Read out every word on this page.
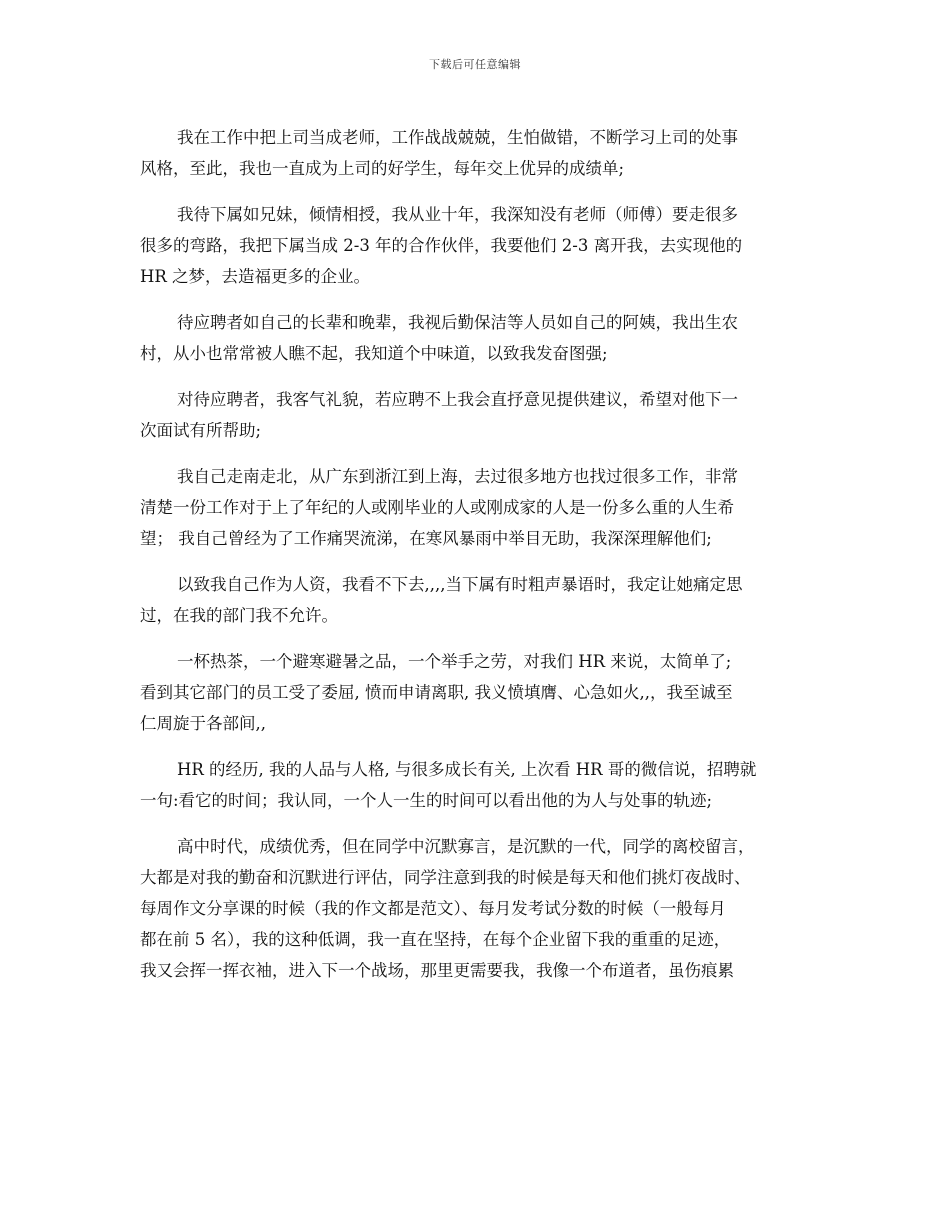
下载后可任意编辑

我在工作中把上司当成老师，工作战战兢兢，生怕做错，不断学习上司的处事
风格，至此，我也一直成为上司的好学生，每年交上优异的成绩单;

我待下属如兄妹，倾情相授，我从业十年，我深知没有老师（师傅）要走很多
很多的弯路，我把下属当成 2-3 年的合作伙伴，我要他们 2-3 离开我，去实现他的
HR 之梦，去造福更多的企业。

待应聘者如自己的长辈和晚辈，我视后勤保洁等人员如自己的阿姨，我出生农
村，从小也常常被人瞧不起，我知道个中味道，以致我发奋图强;

对待应聘者，我客气礼貌，若应聘不上我会直抒意见提供建议，希望对他下一
次面试有所帮助;

我自己走南走北，从广东到浙江到上海，去过很多地方也找过很多工作，非常
清楚一份工作对于上了年纪的人或刚毕业的人或刚成家的人是一份多么重的人生希
望； 我自己曾经为了工作痛哭流涕，在寒风暴雨中举目无助，我深深理解他们;

以致我自己作为人资，我看不下去,,,,当下属有时粗声暴语时，我定让她痛定思
过，在我的部门我不允许。

一杯热茶，一个避寒避暑之品，一个举手之劳，对我们 HR 来说，太简单了;
看到其它部门的员工受了委屈, 愤而申请离职, 我义愤填膺、心急如火,,，我至诚至
仁周旋于各部间,,

HR 的经历, 我的人品与人格, 与很多成长有关, 上次看 HR 哥的微信说，招聘就
一句:看它的时间；我认同，一个人一生的时间可以看出他的为人与处事的轨迹;

高中时代，成绩优秀，但在同学中沉默寡言，是沉默的一代，同学的离校留言，
大都是对我的勤奋和沉默进行评估，同学注意到我的时候是每天和他们挑灯夜战时、
每周作文分享课的时候（我的作文都是范文）、每月发考试分数的时候（一般每月
都在前 5 名），我的这种低调，我一直在坚持，在每个企业留下我的重重的足迹，
我又会挥一挥衣袖，进入下一个战场，那里更需要我，我像一个布道者，虽伤痕累
